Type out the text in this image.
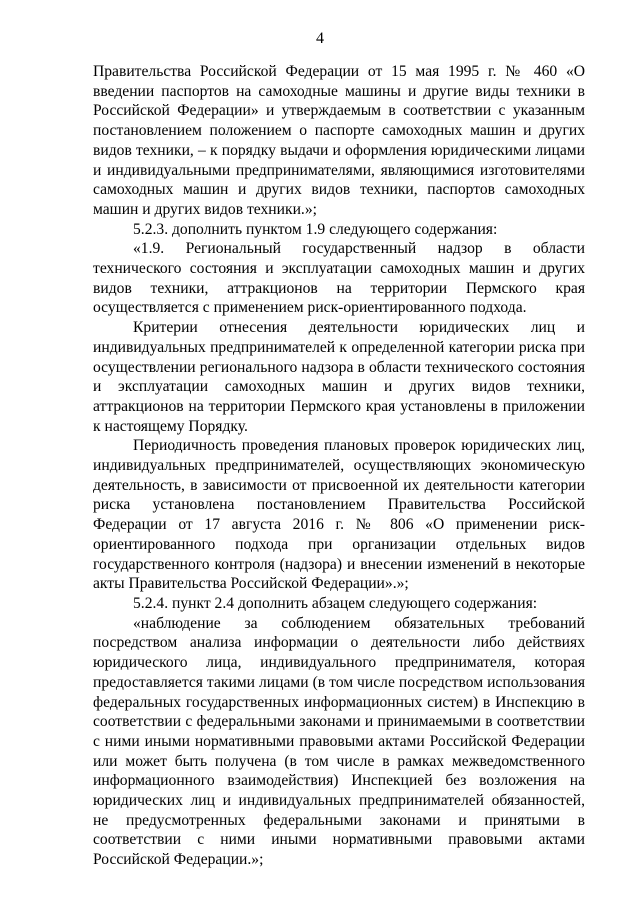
4

Правительства Российской Федерации от 15 мая 1995 г. № 460 «О введении паспортов на самоходные машины и другие виды техники в Российской Федерации» и утверждаемым в соответствии с указанным постановлением положением о паспорте самоходных машин и других видов техники, – к порядку выдачи и оформления юридическими лицами и индивидуальными предпринимателями, являющимися изготовителями самоходных машин и других видов техники, паспортов самоходных машин и других видов техники.»;

5.2.3. дополнить пунктом 1.9 следующего содержания:

«1.9. Региональный государственный надзор в области технического состояния и эксплуатации самоходных машин и других видов техники, аттракционов на территории Пермского края осуществляется с применением риск-ориентированного подхода.

Критерии отнесения деятельности юридических лиц и индивидуальных предпринимателей к определенной категории риска при осуществлении регионального надзора в области технического состояния и эксплуатации самоходных машин и других видов техники, аттракционов на территории Пермского края установлены в приложении к настоящему Порядку.

Периодичность проведения плановых проверок юридических лиц, индивидуальных предпринимателей, осуществляющих экономическую деятельность, в зависимости от присвоенной их деятельности категории риска установлена постановлением Правительства Российской Федерации от 17 августа 2016 г. № 806 «О применении риск-ориентированного подхода при организации отдельных видов государственного контроля (надзора) и внесении изменений в некоторые акты Правительства Российской Федерации».»;

5.2.4. пункт 2.4 дополнить абзацем следующего содержания:

«наблюдение за соблюдением обязательных требований посредством анализа информации о деятельности либо действиях юридического лица, индивидуального предпринимателя, которая предоставляется такими лицами (в том числе посредством использования федеральных государственных информационных систем) в Инспекцию в соответствии с федеральными законами и принимаемыми в соответствии с ними иными нормативными правовыми актами Российской Федерации или может быть получена (в том числе в рамках межведомственного информационного взаимодействия) Инспекцией без возложения на юридических лиц и индивидуальных предпринимателей обязанностей, не предусмотренных федеральными законами и принятыми в соответствии с ними иными нормативными правовыми актами Российской Федерации.»;
